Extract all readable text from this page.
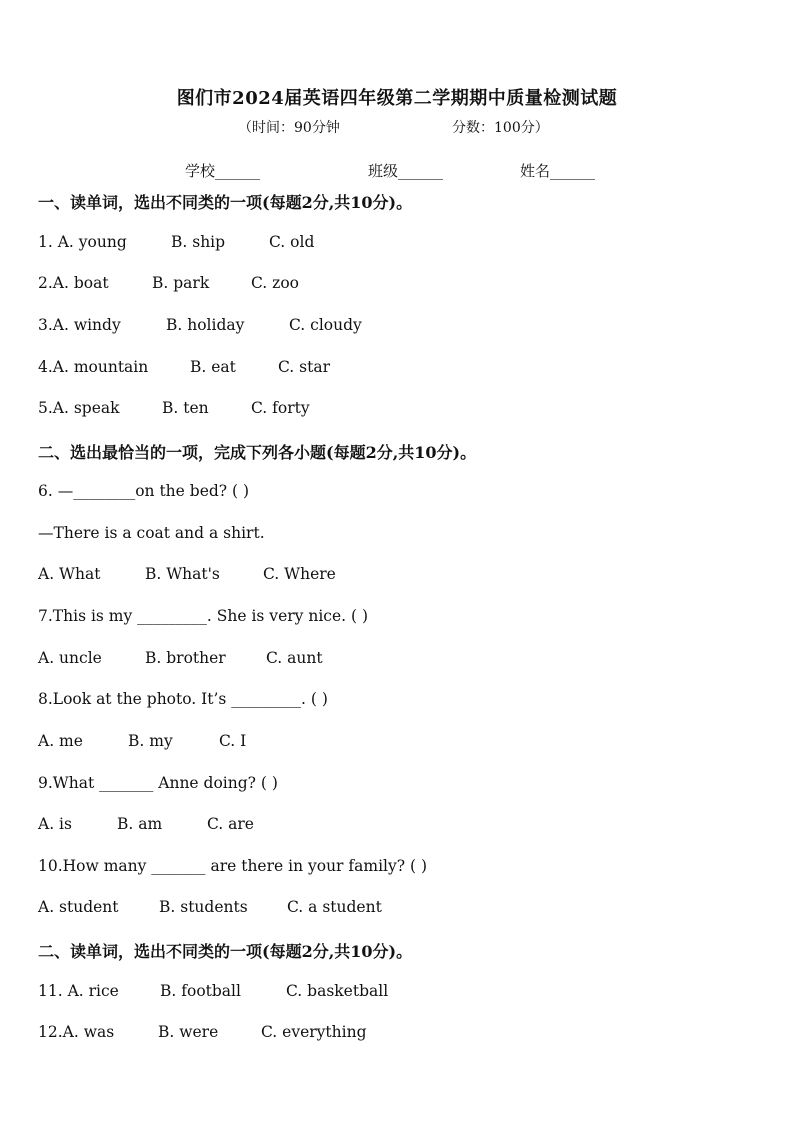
图们市2024届英语四年级第二学期期中质量检测试题
（时间：90分钟	分数：100分）
学校______	班级______	姓名______
一、读单词，选出不同类的一项(每题2分,共10分)。
1. A. young	B. ship	C. old
2.A. boat	B. park	C. zoo
3.A. windy	B. holiday	C. cloudy
4.A. mountain	B. eat	C. star
5.A. speak	B. ten	C. forty
二、选出最恰当的一项，完成下列各小题(每题2分,共10分)。
6. —________on the bed? ( )
—There is a coat and a shirt.
A. What	B. What's	C. Where
7.This is my _________. She is very nice. ( )
A. uncle	B. brother	C. aunt
8.Look at the photo. It’s _________. ( )
A. me	B. my	C. I
9.What _______ Anne doing? ( )
A. is	B. am	C. are
10.How many _______ are there in your family? ( )
A. student	B. students	C. a student
二、读单词，选出不同类的一项(每题2分,共10分)。
11. A. rice	B. football	C. basketball
12.A. was	B. were	C. everything
